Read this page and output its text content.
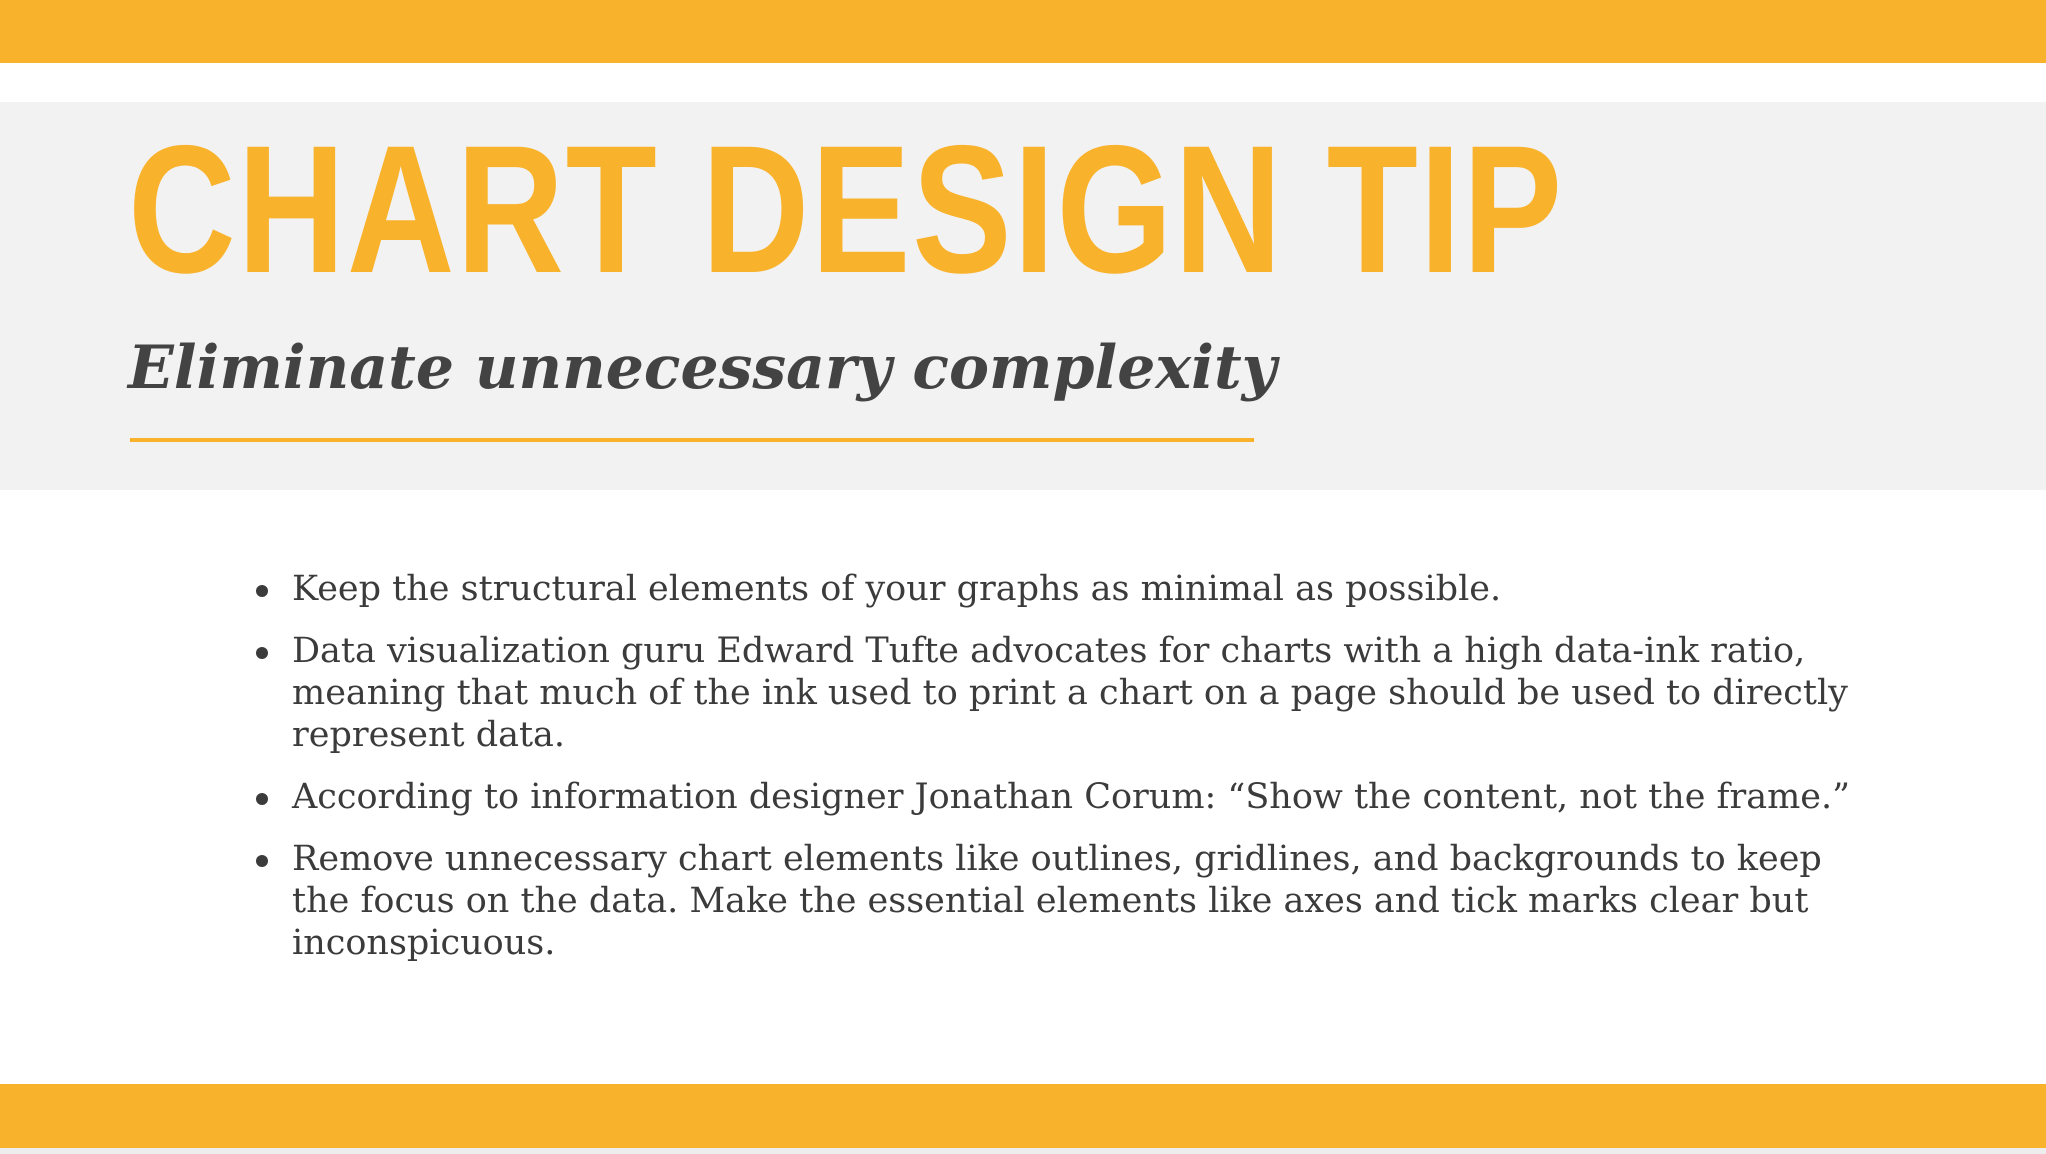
CHART DESIGN TIP
Eliminate unnecessary complexity
Keep the structural elements of your graphs as minimal as possible.
Data visualization guru Edward Tufte advocates for charts with a high data-ink ratio, meaning that much of the ink used to print a chart on a page should be used to directly represent data.
According to information designer Jonathan Corum: “Show the content, not the frame.”
Remove unnecessary chart elements like outlines, gridlines, and backgrounds to keep the focus on the data. Make the essential elements like axes and tick marks clear but inconspicuous.
